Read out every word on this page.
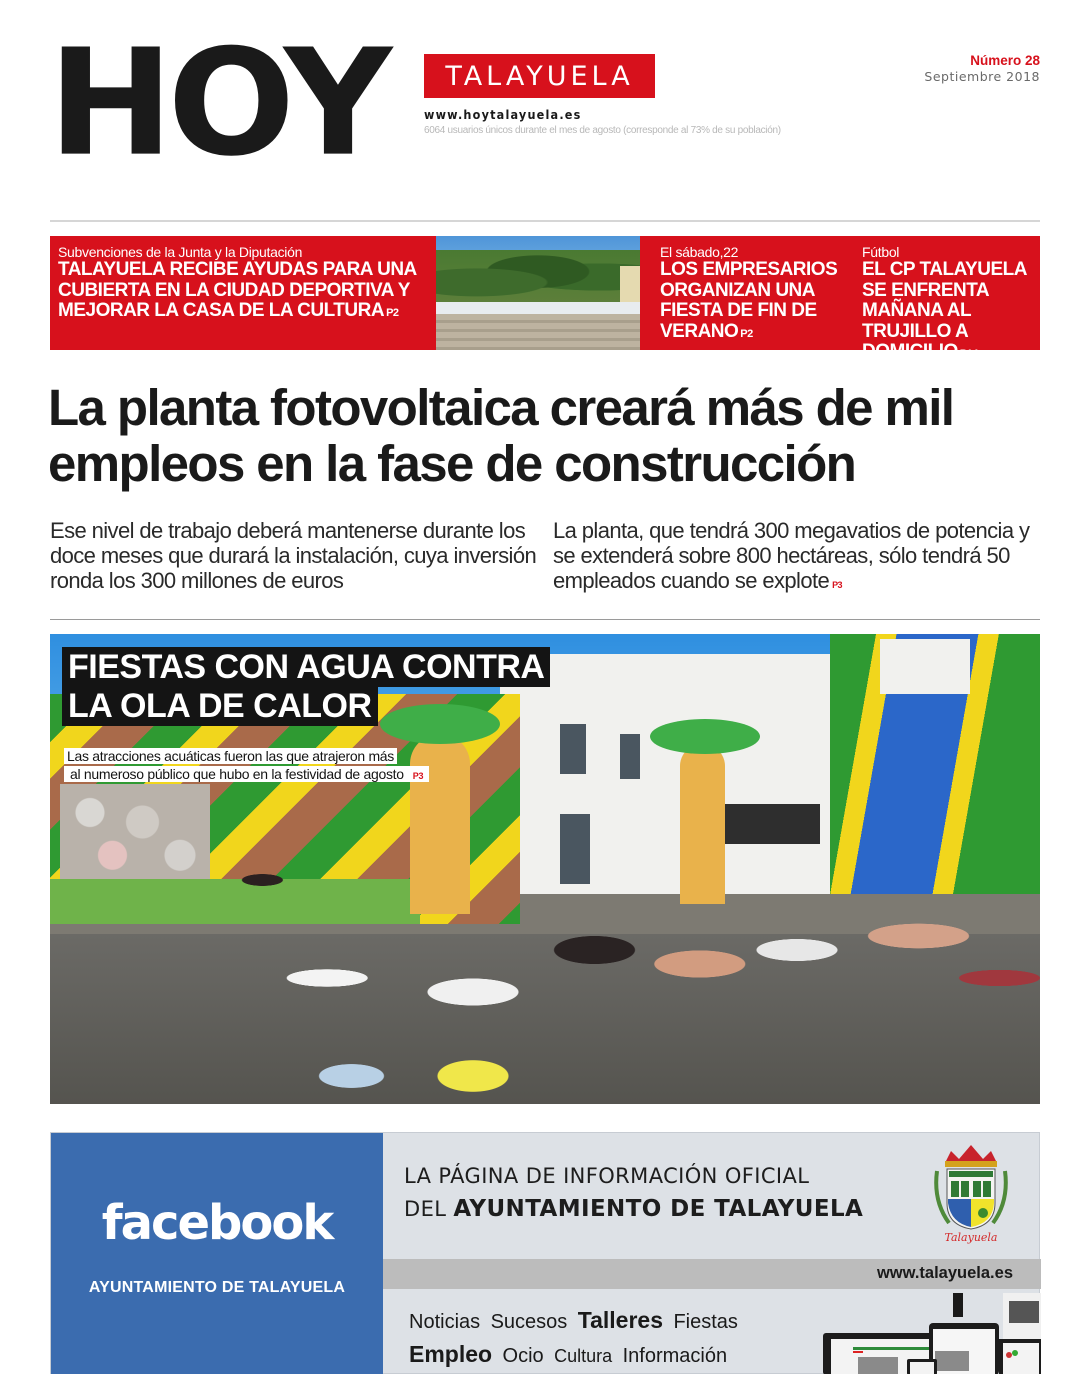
HOY	TALAYUELA
www.hoytalayuela.es
6064 usuarios únicos durante el mes de agosto (corresponde al 73% de su población)
Número 28
Septiembre 2018
Subvenciones de la Junta y la Diputación
TALAYUELA RECIBE AYUDAS PARA UNA CUBIERTA EN LA CIUDAD DEPORTIVA Y MEJORAR LA CASA DE LA CULTURA P2
El sábado,22
LOS EMPRESARIOS ORGANIZAN UNA FIESTA DE FIN DE VERANO P2
Fútbol
EL CP TALAYUELA SE ENFRENTA MAÑANA AL TRUJILLO A DOMICILIO P14
La planta fotovoltaica creará más de mil empleos en la fase de construcción

Ese nivel de trabajo deberá mantenerse durante los doce meses que durará la instalación, cuya inversión ronda los 300 millones de euros

La planta, que tendrá 300 megavatios de potencia y se extenderá sobre 800 hectáreas, sólo tendrá 50 empleados cuando se explote P3

FIESTAS CON AGUA CONTRA
LA OLA DE CALOR
Las atracciones acuáticas fueron las que atrajeron más
al numeroso público que hubo en la festividad de agosto P3
facebook
AYUNTAMIENTO DE TALAYUELA
LA PÁGINA DE INFORMACIÓN OFICIAL
DEL AYUNTAMIENTO DE TALAYUELA
Talayuela
www.talayuela.es
Noticias Sucesos Talleres Fiestas Empleo Ocio Cultura Información
